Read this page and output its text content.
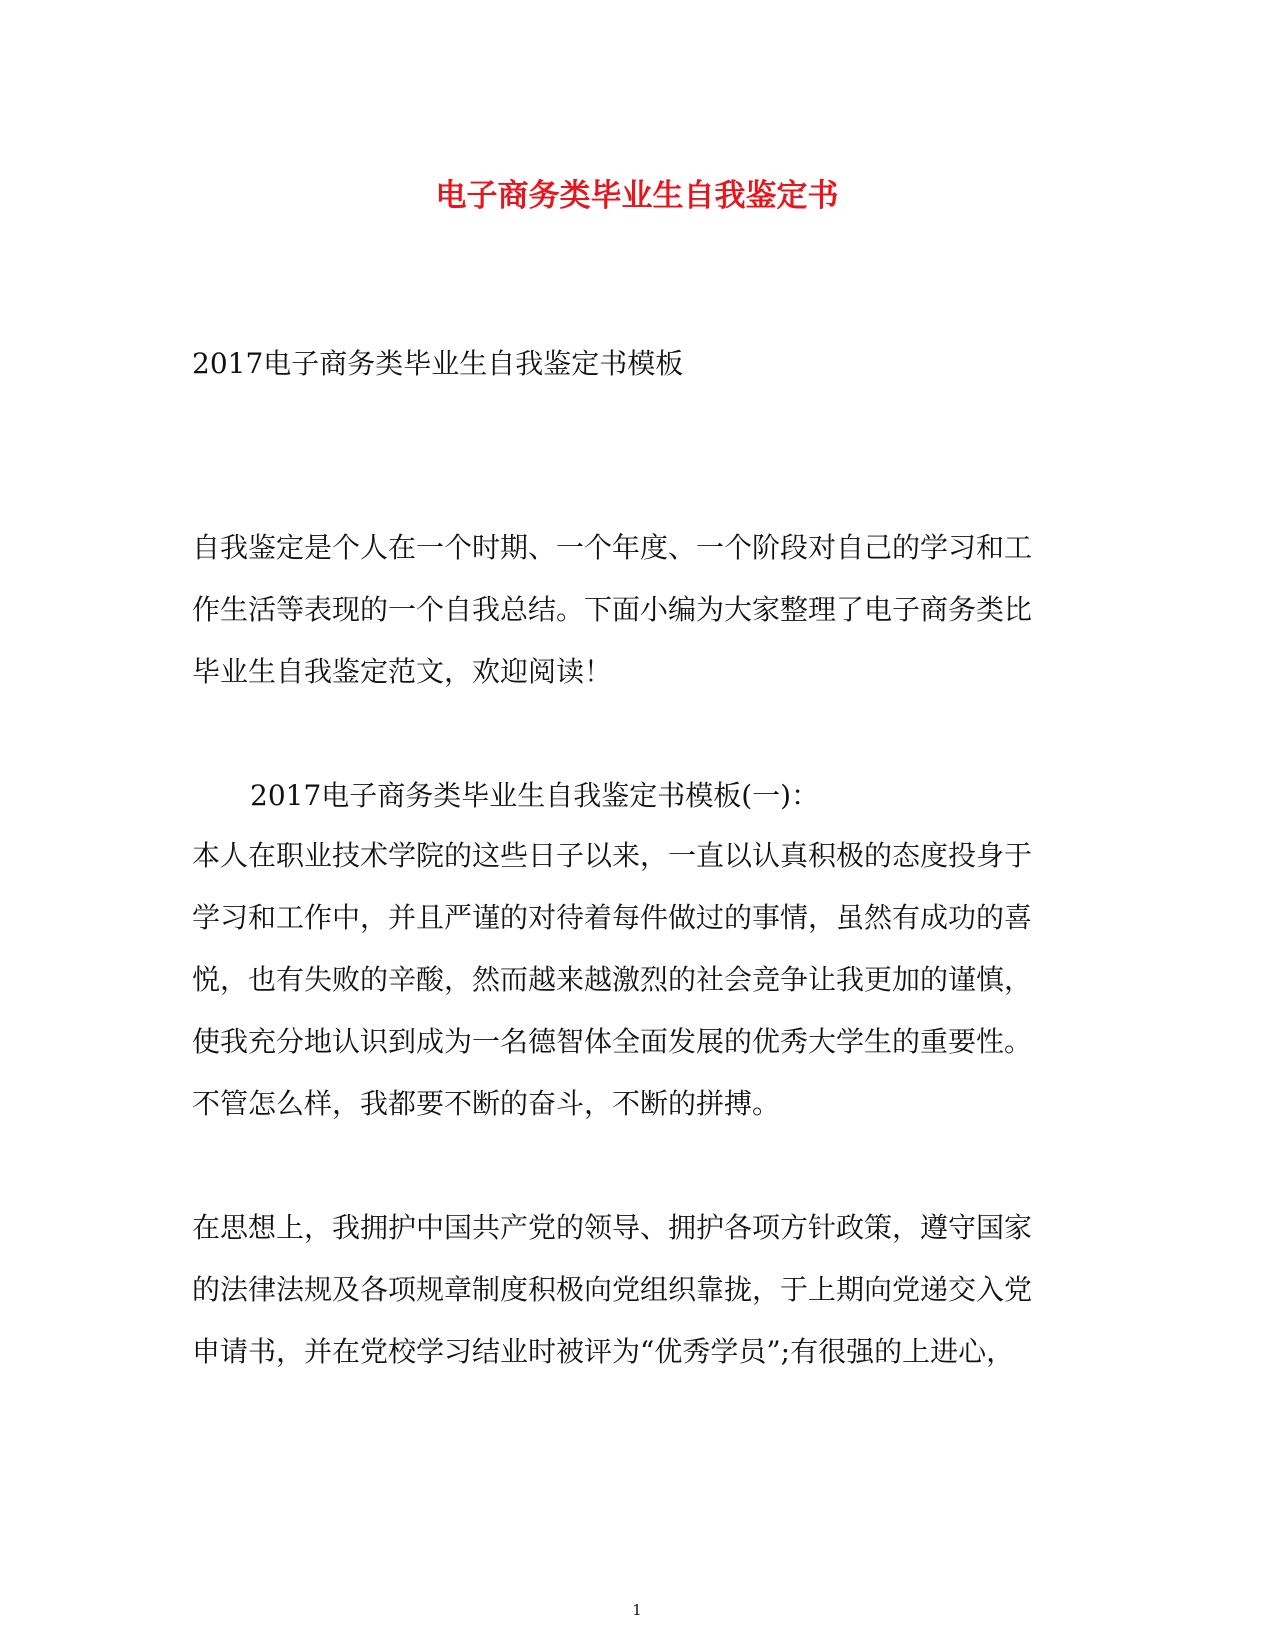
电子商务类毕业生自我鉴定书

2017电子商务类毕业生自我鉴定书模板

自我鉴定是个人在一个时期、一个年度、一个阶段对自己的学习和工

作生活等表现的一个自我总结。下面小编为大家整理了电子商务类比

毕业生自我鉴定范文，欢迎阅读！

2017电子商务类毕业生自我鉴定书模板(一)：

本人在职业技术学院的这些日子以来，一直以认真积极的态度投身于

学习和工作中，并且严谨的对待着每件做过的事情，虽然有成功的喜

悦，也有失败的辛酸，然而越来越激烈的社会竞争让我更加的谨慎，

使我充分地认识到成为一名德智体全面发展的优秀大学生的重要性。

不管怎么样，我都要不断的奋斗，不断的拼搏。

在思想上，我拥护中国共产党的领导、拥护各项方针政策，遵守国家

的法律法规及各项规章制度积极向党组织靠拢，于上期向党递交入党

申请书，并在党校学习结业时被评为“优秀学员”;有很强的上进心，

1
